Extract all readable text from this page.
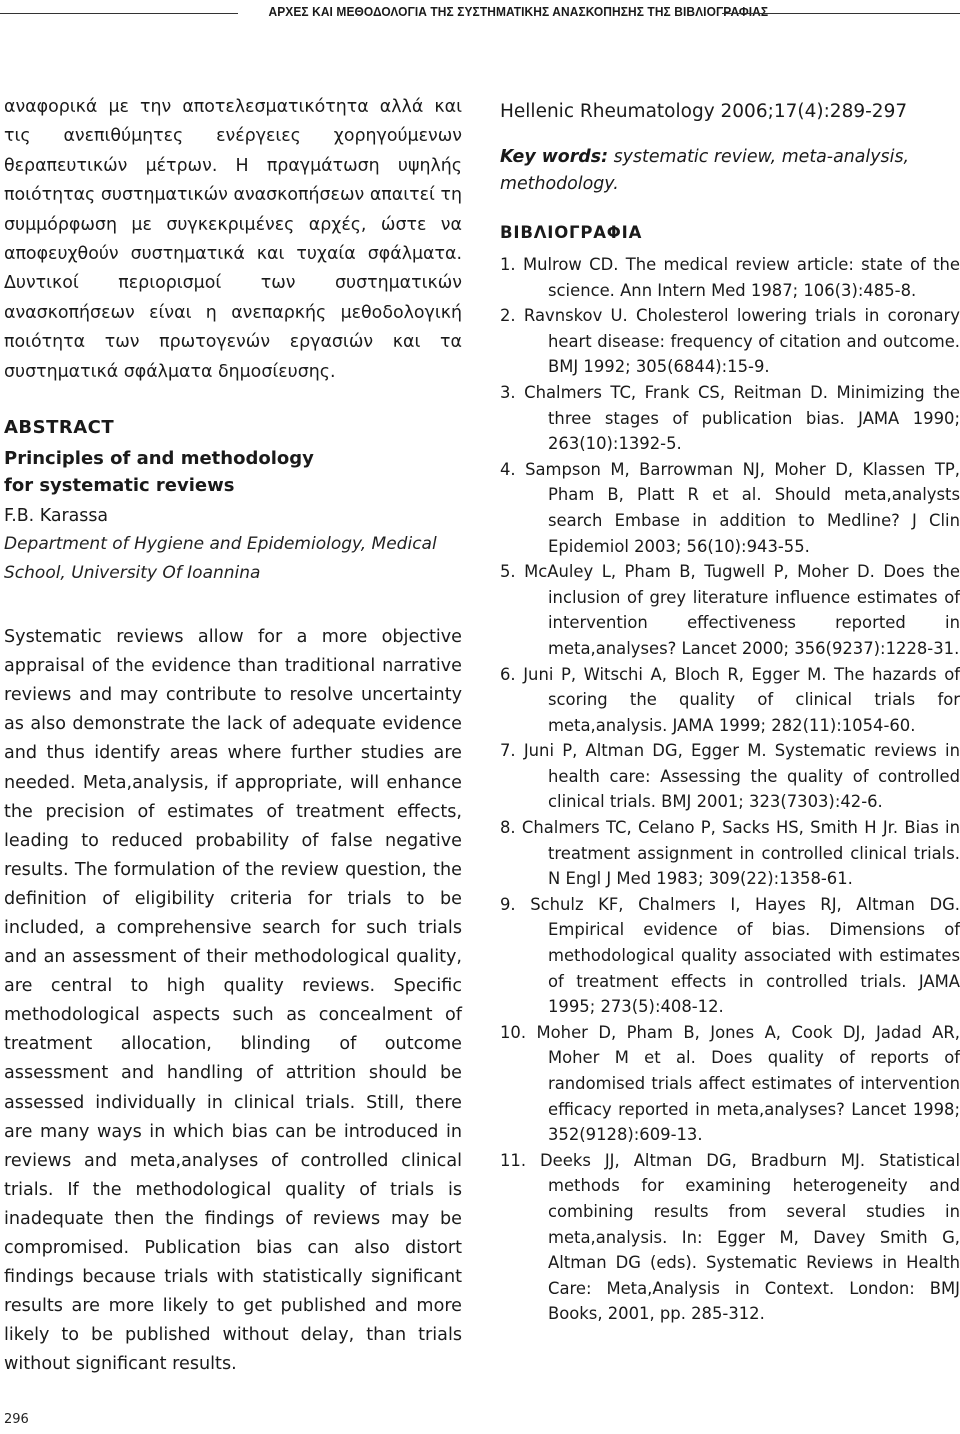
ΑΡΧΕΣ ΚΑΙ ΜΕΘΟΔΟΛΟΓΙΑ ΤΗΣ ΣΥΣΤΗΜΑΤΙΚΗΣ ΑΝΑΣΚΟΠΗΣΗΣ ΤΗΣ ΒΙΒΛΙΟΓΡΑΦΙΑΣ

αναφορικά με την αποτελεσματικότητα αλλά και τις ανεπιθύμητες ενέργειες χορηγούμενων θεραπευτικών μέτρων. Η πραγμάτωση υψηλής ποιότητας συστηματικών ανασκοπήσεων απαιτεί τη συμμόρφωση με συγκεκριμένες αρχές, ώστε να αποφευχθούν συστηματικά και τυχαία σφάλματα. Δυντικοί περιορισμοί των συστηματικών ανασκοπήσεων είναι η ανεπαρκής μεθοδολογική ποιότητα των πρωτογενών εργασιών και τα συστηματικά σφάλματα δημοσίευσης.

ABSTRACT
Principles of and methodology
for systematic reviews
F.B. Karassa
Department of Hygiene and Epidemiology, Medical
School, University Of Ioannina

Systematic reviews allow for a more objective appraisal of the evidence than traditional narrative reviews and may contribute to resolve uncertainty as also demonstrate the lack of adequate evidence and thus identify areas where further studies are needed. Meta,analysis, if appropriate, will enhance the precision of estimates of treatment effects, leading to reduced probability of false negative results. The formulation of the review question, the definition of eligibility criteria for trials to be included, a comprehensive search for such trials and an assessment of their methodological quality, are central to high quality reviews. Specific methodological aspects such as concealment of treatment allocation, blinding of outcome assessment and handling of attrition should be assessed individually in clinical trials. Still, there are many ways in which bias can be introduced in reviews and meta,analyses of controlled clinical trials. If the methodological quality of trials is inadequate then the findings of reviews may be compromised. Publication bias can also distort findings because trials with statistically significant results are more likely to get published and more likely to be published without delay, than trials without significant results.

Hellenic Rheumatology 2006;17(4):289-297
Key words: systematic review, meta-analysis, methodology.
ΒΙΒΛΙΟΓΡΑΦΙΑ
1. Mulrow CD. The medical review article: state of the science. Ann Intern Med 1987; 106(3):485-8.
2. Ravnskov U. Cholesterol lowering trials in coronary heart disease: frequency of citation and outcome. BMJ 1992; 305(6844):15-9.
3. Chalmers TC, Frank CS, Reitman D. Minimizing the three stages of publication bias. JAMA 1990; 263(10):1392-5.
4. Sampson M, Barrowman NJ, Moher D, Klassen TP, Pham B, Platt R et al. Should meta,analysts search Embase in addition to Medline? J Clin Epidemiol 2003; 56(10):943-55.
5. McAuley L, Pham B, Tugwell P, Moher D. Does the inclusion of grey literature influence estimates of intervention effectiveness reported in meta,analyses? Lancet 2000; 356(9237):1228-31.
6. Juni P, Witschi A, Bloch R, Egger M. The hazards of scoring the quality of clinical trials for meta,analysis. JAMA 1999; 282(11):1054-60.
7. Juni P, Altman DG, Egger M. Systematic reviews in health care: Assessing the quality of controlled clinical trials. BMJ 2001; 323(7303):42-6.
8. Chalmers TC, Celano P, Sacks HS, Smith H Jr. Bias in treatment assignment in controlled clinical trials. N Engl J Med 1983; 309(22):1358-61.
9. Schulz KF, Chalmers I, Hayes RJ, Altman DG. Empirical evidence of bias. Dimensions of methodological quality associated with estimates of treatment effects in controlled trials. JAMA 1995; 273(5):408-12.
10. Moher D, Pham B, Jones A, Cook DJ, Jadad AR, Moher M et al. Does quality of reports of randomised trials affect estimates of intervention efficacy reported in meta,analyses? Lancet 1998; 352(9128):609-13.
11. Deeks JJ, Altman DG, Bradburn MJ. Statistical methods for examining heterogeneity and combining results from several studies in meta,analysis. In: Egger M, Davey Smith G, Altman DG (eds). Systematic Reviews in Health Care: Meta,Analysis in Context. London: BMJ Books, 2001, pp. 285-312.
296
